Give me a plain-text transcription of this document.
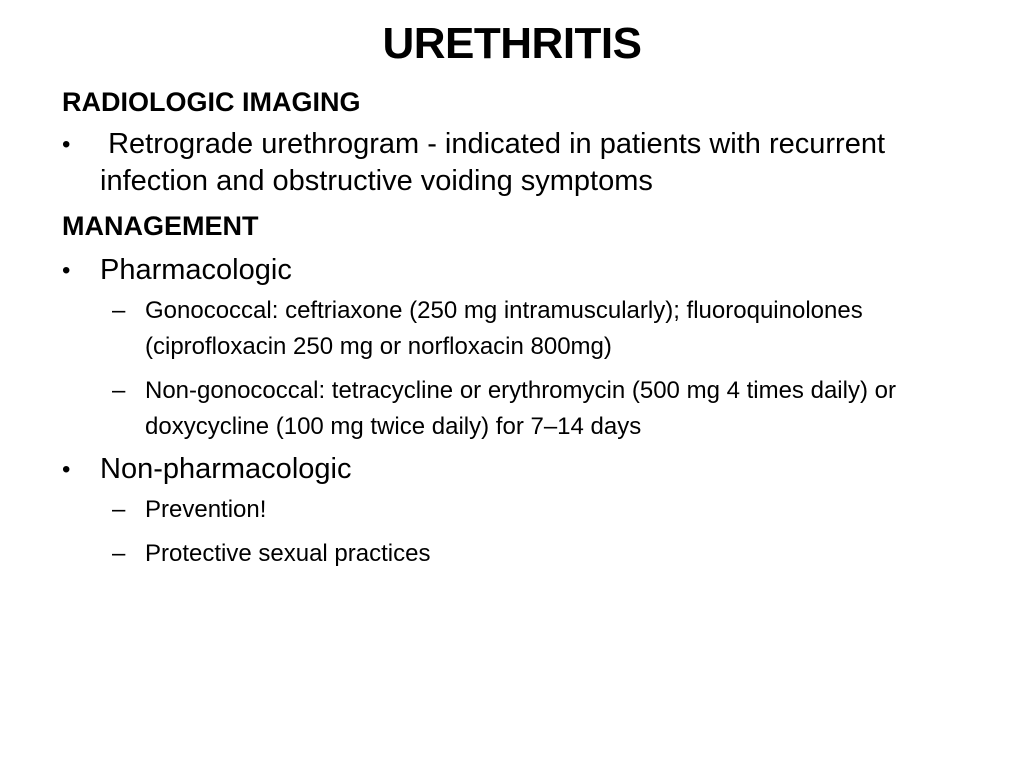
URETHRITIS
RADIOLOGIC IMAGING
• Retrograde urethrogram - indicated in patients with recurrent infection and obstructive voiding symptoms
MANAGEMENT
• Pharmacologic
– Gonococcal: ceftriaxone (250 mg intramuscularly); fluoroquinolones (ciprofloxacin 250 mg or norfloxacin 800mg)
– Non-gonococcal: tetracycline or erythromycin (500 mg 4 times daily) or doxycycline (100 mg twice daily) for 7–14 days
• Non-pharmacologic
– Prevention!
– Protective sexual practices
